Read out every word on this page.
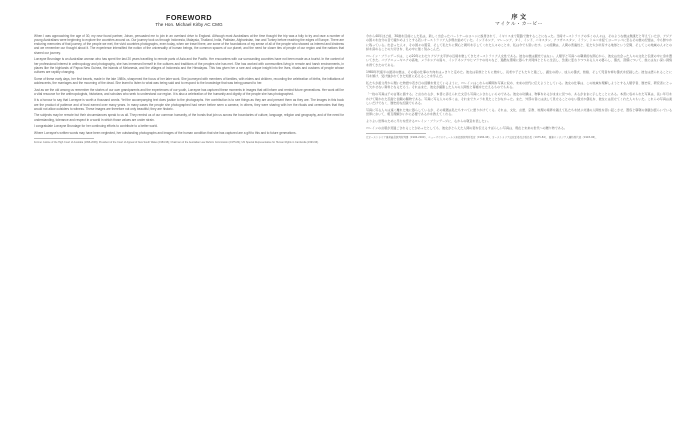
FOREWORD
The Hon. Michael Kirby AC CMG

When I was approaching the age of 30, my new found partner, Johan, persuaded me to join in an overland drive to England. Although most Australians at the time thought the trip was a folly to try and race a number of young Australians were beginning to explore the countries around us. Our journey took us through Indonesia, Malaysia, Thailand, India, Pakistan, Afghanistan, Iran and Turkey before reaching the edges of Europe. There are enduring memories of that journey, of the people we met, the vivid countries photographs, even today, when we travel there, are some of the foundations of my sense of all of the people who showed us interest and kindness and we remember our thought about it. The experience intensified the notion of the universality of human beings, the common spaces of our planet, and the need for closer ties of people of our region and the nations that shared our journey.

Lorrayne Brundage is an Australian woman who has spent the last 20 years travelling to remote parts of Asia and the Pacific. Her encounters with our surrounding countries have not been made as a tourist. In the context of her professional interest in anthropology and photography, she has immersed herself in the cultures and traditions of the peoples she has met. She has worked with communities living in remote and harsh environments, in places like the highlands of Papua New Guinea, the islands of Melanesia, and the villages of Indonesia and the Himalayas. This has given her a rare and unique insight into the lives, rituals and customs of people whose cultures are rapidly changing.

Some of these early days, her first travels, made in the late 1980s, sharpened the focus of her later work. She journeyed with members of families, with elders and children, recording the celebration of births, the initiations of adolescents, the marriages and the mourning of the dead. She learnt to listen to what was being said and to respond to the knowledge that was being passed to her.

Just as we the old among us remember the stories of our own grandparents and the experiences of our youth, Lorrayne has captured these moments in images that will inform and remind future generations. Her work will be a vital resource for the anthropologists, historians, and scholars who seek to understand our region. It is also a celebration of the humanity and dignity of the people she has photographed.

It is a honour to say that Lorrayne is worth a thousand words. Yet the accompanying text does justice to the photographs. Her contribution is to see things as they are and present them as they are. The images in this book are the product of patience and of trust earned over many years. In many cases the people she photographed had never before seen a camera; in others, they were sharing with her the rituals and ceremonies that they would not allow outsiders to witness. These images are therefore not only beautiful; they are historic.

The subjects may be remote but their circumstances speak to us all. They remind us of our common humanity, of the bonds that join us across the boundaries of culture, language, religion and geography, and of the need for understanding, tolerance and respect in a world in which those values are under strain.

I congratulate Lorrayne Brundage for her continuing efforts to contribute to a better world.

Where Lorrayne's written words may have been neglected, her outstanding photographs and images of the human condition that she has captured are a gift to this and to future generations.

Former Justice of the High Court of Australia (1996-2009); President of the Court of Appeal of New South Wales (1984-96); Chairman of the Australian Law Reform Commission (1975-84); UN Special Representative for Human Rights in Cambodia (1993-96).
序 文
マイケル・カービー

今から40年ほど前、30歳を目前にした私は、新しく出会ったパートナーのヨハンに説得されて、イギリスまで陸路で旅することになった。当時オーストラリアの多くの人々は、そのような旅は無謀だと考えていたが、アジアの国々を自分の目で確かめようとする若いオーストラリア人が現れ始めていた。インドネシア、マレーシア、タイ、インド、パキスタン、アフガニスタン、イラン、トルコを経てヨーロッパに至るその旅の記憶は、今も鮮やかに残っている。出会った人々、その国々の風景、そして私たちに関心と親切を示してくれた人々のことを、私は今でも思い出す。この経験は、人間の普遍性と、私たちが共有する地球という空間、そしてこの地域の人々との絆を深めることの大切さを、私の中に強く刻みこんだ。

ロレイン・ブランデージは、この20年にわたりアジア太平洋の辺境を旅してきたオーストラリア人女性である。彼女の旅は観光ではない。人類学と写真への職業的な関心から、彼女は出会った人々の文化と伝統の中に身を置いてきた。パプアニューギニアの高地、メラネシアの島々、インドネシアやヒマラヤの村々など、過酷な環境に暮らす共同体とともに生活し、急速に変わりつつある人々の暮らし、儀式、習慣について、他にはない深い洞察を得てきたのである。

1980年代後半の最初の旅は、その後の仕事の方向をはっきりと定めた。彼女は家族とともに旅をし、長老や子どもたちと過ごし、誕生の祝い、成人の儀式、結婚、そして死者を悼む儀式を記録した。彼女は語られることに耳を傾け、受け継がれてきた知恵に応えることを学んだ。

私たちが祖父母から聞いた物語や若き日の経験を覚えているように、ロレインはこれらの瞬間を写真に収め、未来の世代に伝えようとしている。彼女の仕事は、この地域を理解しようとする人類学者、歴史家、研究者にとって欠かせない資料となるだろう。それはまた、彼女が撮影した人々の人間性と尊厳をたたえるものでもある。

「一枚の写真は千の言葉に値する」と言われるが、本書に添えられた文章も写真にふさわしいものである。彼女の功績は、物事をあるがままに見つめ、あるがままに示したことにある。本書に収められた写真は、長い年月をかけて築かれた忍耐と信頼の賜物である。写真に写る人々の多くは、それまでカメラを見たことがなかった。また、外部の者には決して見せることのない儀式や儀礼を、彼女には見せてくれた人々もいた。これらの写真は美しいだけでなく、歴史的な記録でもある。

写真に写る人々は遠く離れた地に暮らしているが、その境遇は私たちすべてに語りかけてくる。それは、文化、言語、宗教、地理の境界を越えて私たちを結ぶ共通の人間性を思い起こさせ、寛容と尊敬の価値が揺らいでいる世界において、相互理解がいかに必要であるかを教えてくれる。

よりよい世界のために尽力を続けるロレイン・ブランデージに、心からの敬意を表したい。

ロレインの言葉が見過ごされることがあったとしても、彼女がとらえた人間の姿を伝えるすばらしい写真は、現在と未来の世代への贈り物である。

元オーストラリア連邦最高裁判所判事（1996-2009）、ニューサウスウェールズ州控訴裁判所長官（1984-96）、オーストラリア法改正委員会委員長（1975-84）、国連カンボジア人権特別代表（1993-96）。
